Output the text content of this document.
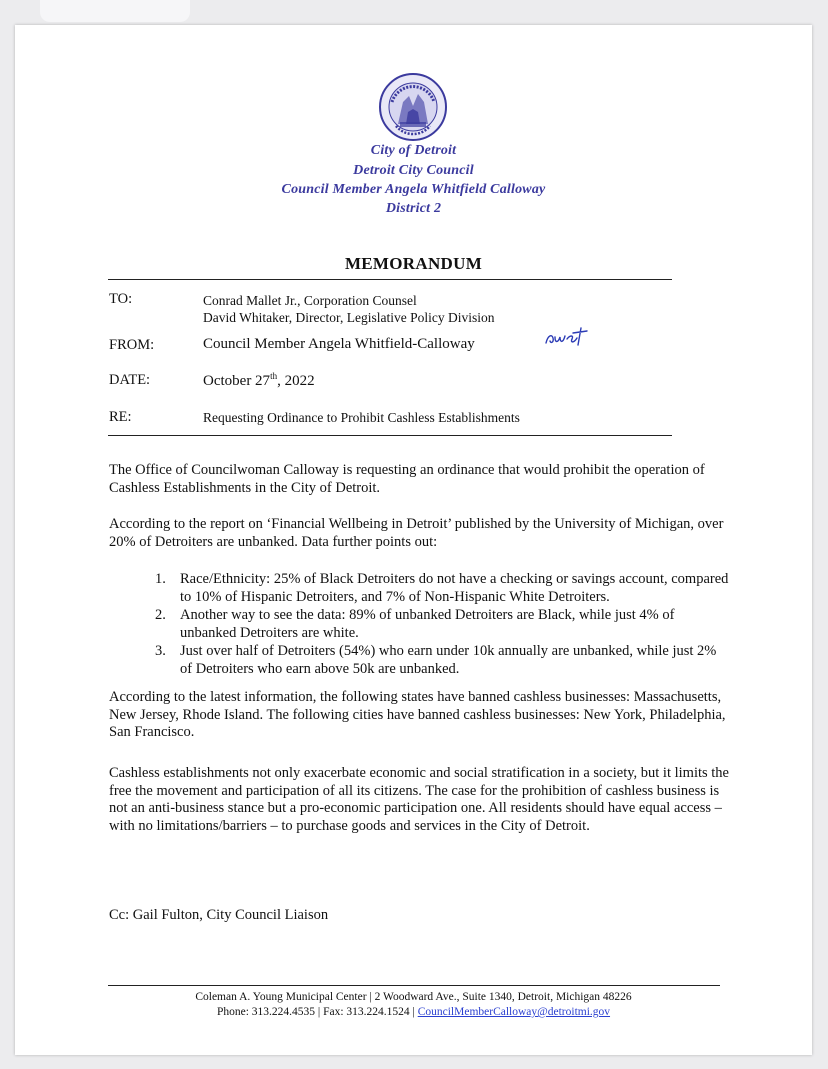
City of Detroit
Detroit City Council
Council Member Angela Whitfield Calloway
District 2
MEMORANDUM
TO:	Conrad Mallet Jr., Corporation Counsel
David Whitaker, Director, Legislative Policy Division
FROM:	Council Member Angela Whitfield-Calloway
DATE:	October 27th, 2022
RE:	Requesting Ordinance to Prohibit Cashless Establishments
The Office of Councilwoman Calloway is requesting an ordinance that would prohibit the operation of Cashless Establishments in the City of Detroit.
According to the report on ‘Financial Wellbeing in Detroit’ published by the University of Michigan, over 20% of Detroiters are unbanked. Data further points out:
1. Race/Ethnicity: 25% of Black Detroiters do not have a checking or savings account, compared to 10% of Hispanic Detroiters, and 7% of Non-Hispanic White Detroiters.
2. Another way to see the data: 89% of unbanked Detroiters are Black, while just 4% of unbanked Detroiters are white.
3. Just over half of Detroiters (54%) who earn under 10k annually are unbanked, while just 2% of Detroiters who earn above 50k are unbanked.
According to the latest information, the following states have banned cashless businesses: Massachusetts, New Jersey, Rhode Island. The following cities have banned cashless businesses: New York, Philadelphia, San Francisco.
Cashless establishments not only exacerbate economic and social stratification in a society, but it limits the free the movement and participation of all its citizens. The case for the prohibition of cashless business is not an anti-business stance but a pro-economic participation one. All residents should have equal access – with no limitations/barriers – to purchase goods and services in the City of Detroit.
Cc: Gail Fulton, City Council Liaison
Coleman A. Young Municipal Center | 2 Woodward Ave., Suite 1340, Detroit, Michigan 48226
Phone: 313.224.4535 | Fax: 313.224.1524 | CouncilMemberCalloway@detroitmi.gov
